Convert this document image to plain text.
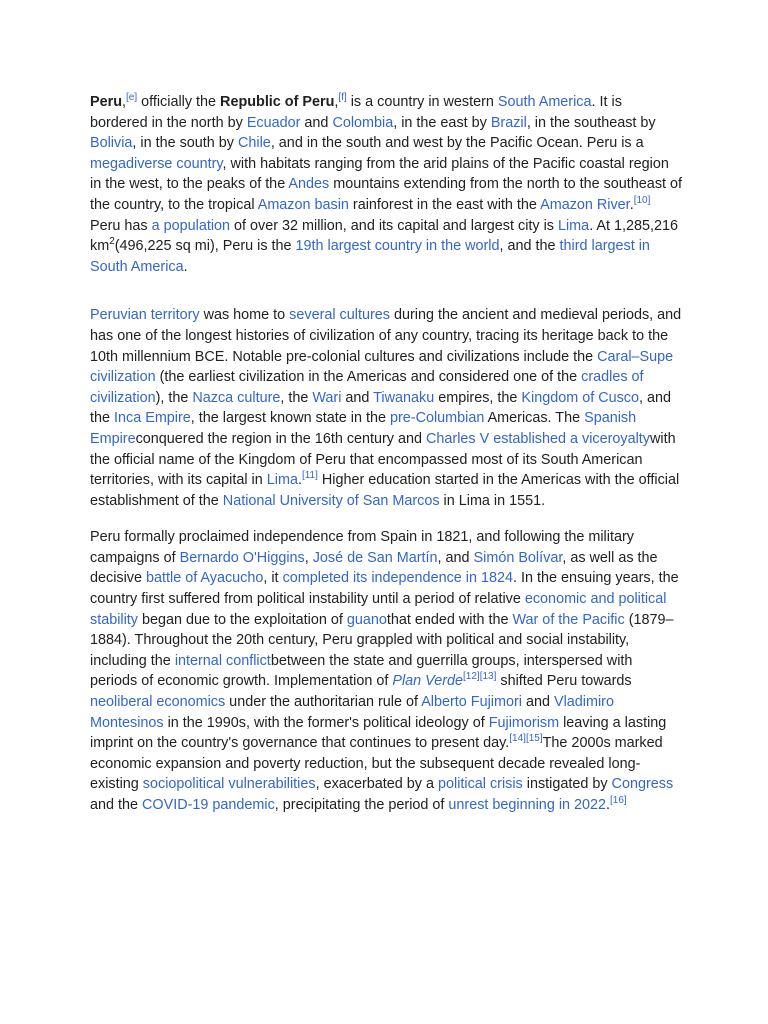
Peru,[e] officially the Republic of Peru,[f] is a country in western South America. It is bordered in the north by Ecuador and Colombia, in the east by Brazil, in the southeast by Bolivia, in the south by Chile, and in the south and west by the Pacific Ocean. Peru is a megadiverse country, with habitats ranging from the arid plains of the Pacific coastal region in the west, to the peaks of the Andes mountains extending from the north to the southeast of the country, to the tropical Amazon basin rainforest in the east with the Amazon River.[10] Peru has a population of over 32 million, and its capital and largest city is Lima. At 1,285,216 $km^2(496,225$ sq mi), Peru is the 19th largest country in the world, and the third largest in South America.

Peruvian territory was home to several cultures during the ancient and medieval periods, and has one of the longest histories of civilization of any country, tracing its heritage back to the 10th millennium BCE. Notable pre-colonial cultures and civilizations include the Caral–Supe civilization (the earliest civilization in the Americas and considered one of the cradles of civilization), the Nazca culture, the Wari and Tiwanaku empires, the Kingdom of Cusco, and the Inca Empire, the largest known state in the pre-Columbian Americas. The Spanish Empireconquered the region in the 16th century and Charles V established a viceroyaltywith the official name of the Kingdom of Peru that encompassed most of its South American territories, with its capital in Lima.[11] Higher education started in the Americas with the official establishment of the National University of San Marcos in Lima in 1551.

Peru formally proclaimed independence from Spain in 1821, and following the military campaigns of Bernardo O'Higgins, José de San Martín, and Simón Bolívar, as well as the decisive battle of Ayacucho, it completed its independence in 1824. In the ensuing years, the country first suffered from political instability until a period of relative economic and political stability began due to the exploitation of guanothat ended with the War of the Pacific (1879–1884). Throughout the 20th century, Peru grappled with political and social instability, including the internal conflictbetween the state and guerrilla groups, interspersed with periods of economic growth. Implementation of Plan Verde[12][13] shifted Peru towards neoliberal economics under the authoritarian rule of Alberto Fujimori and Vladimiro Montesinos in the 1990s, with the former's political ideology of Fujimorism leaving a lasting imprint on the country's governance that continues to present day.[14][15]The 2000s marked economic expansion and poverty reduction, but the subsequent decade revealed long-existing sociopolitical vulnerabilities, exacerbated by a political crisis instigated by Congress and the COVID-19 pandemic, precipitating the period of unrest beginning in 2022.[16]
